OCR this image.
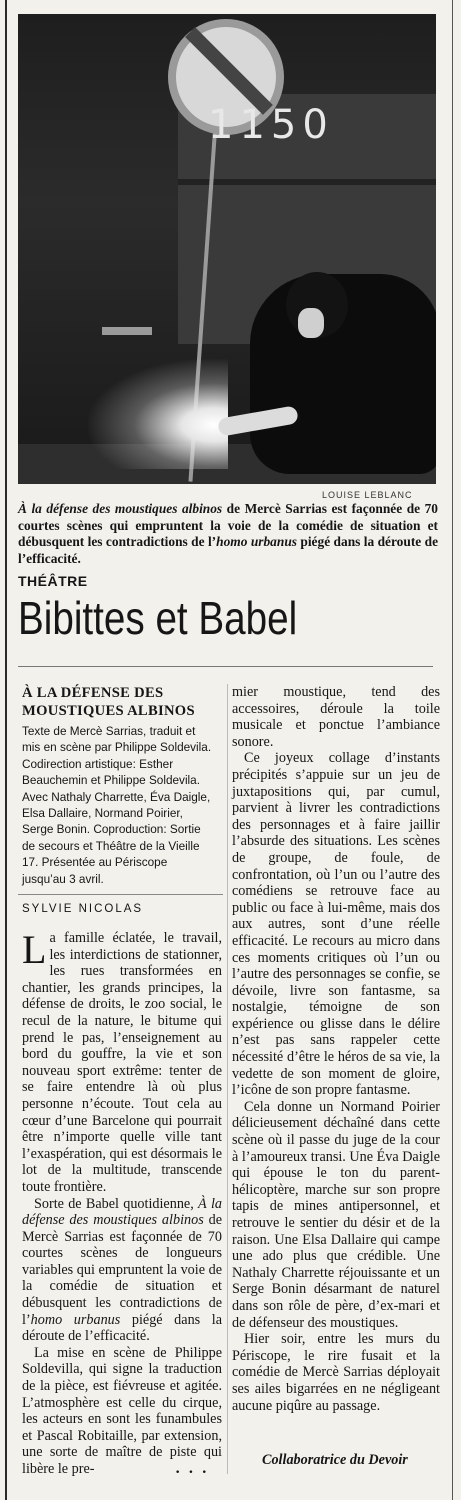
1150
LOUISE LEBLANC
À la défense des moustiques albinos de Mercè Sarrias est façonnée de 70 courtes scènes qui empruntent la voie de la comédie de situation et débusquent les contradictions de l’homo urbanus piégé dans la déroute de l’efficacité.
THÉÂTRE
Bibittes et Babel
À LA DÉFENSE DES MOUSTIQUES ALBINOS
Texte de Mercè Sarrias, traduit et mis en scène par Philippe Soldevila. Codirection artistique: Esther Beauchemin et Philippe Soldevila. Avec Nathaly Charrette, Éva Daigle, Elsa Dallaire, Normand Poirier, Serge Bonin. Coproduction: Sortie de secours et Théâtre de la Vieille 17. Présentée au Périscope jusqu’au 3 avril.
SYLVIE NICOLAS

La famille éclatée, le travail, les interdictions de stationner, les rues transformées en chantier, les grands principes, la défense de droits, le zoo social, le recul de la nature, le bitume qui prend le pas, l’enseignement au bord du gouffre, la vie et son nouveau sport extrême: tenter de se faire entendre là où plus personne n’écoute. Tout cela au cœur d’une Barcelone qui pourrait être n’importe quelle ville tant l’exaspération, qui est désormais le lot de la multitude, transcende toute frontière.

Sorte de Babel quotidienne, À la défense des moustiques albinos de Mercè Sarrias est façonnée de 70 courtes scènes de longueurs variables qui empruntent la voie de la comédie de situation et débusquent les contradictions de l’homo urbanus piégé dans la déroute de l’efficacité.

La mise en scène de Philippe Soldevilla, qui signe la traduction de la pièce, est fiévreuse et agitée. L’atmosphère est celle du cirque, les acteurs en sont les funambules et Pascal Robitaille, par extension, une sorte de maître de piste qui libère le pre-

mier moustique, tend des accessoires, déroule la toile musicale et ponctue l’ambiance sonore.

Ce joyeux collage d’instants précipités s’appuie sur un jeu de juxtapositions qui, par cumul, parvient à livrer les contradictions des personnages et à faire jaillir l’absurde des situations. Les scènes de groupe, de foule, de confrontation, où l’un ou l’autre des comédiens se retrouve face au public ou face à lui-même, mais dos aux autres, sont d’une réelle efficacité. Le recours au micro dans ces moments critiques où l’un ou l’autre des personnages se confie, se dévoile, livre son fantasme, sa nostalgie, témoigne de son expérience ou glisse dans le délire n’est pas sans rappeler cette nécessité d’être le héros de sa vie, la vedette de son moment de gloire, l’icône de son propre fantasme.

Cela donne un Normand Poirier délicieusement déchaîné dans cette scène où il passe du juge de la cour à l’amoureux transi. Une Éva Daigle qui épouse le ton du parent-hélicoptère, marche sur son propre tapis de mines antipersonnel, et retrouve le sentier du désir et de la raison. Une Elsa Dallaire qui campe une ado plus que crédible. Une Nathaly Charrette réjouissante et un Serge Bonin désarmant de naturel dans son rôle de père, d’ex-mari et de défenseur des moustiques.

Hier soir, entre les murs du Périscope, le rire fusait et la comédie de Mercè Sarrias déployait ses ailes bigarrées en ne négligeant aucune piqûre au passage.

Collaboratrice du Devoir
•••
